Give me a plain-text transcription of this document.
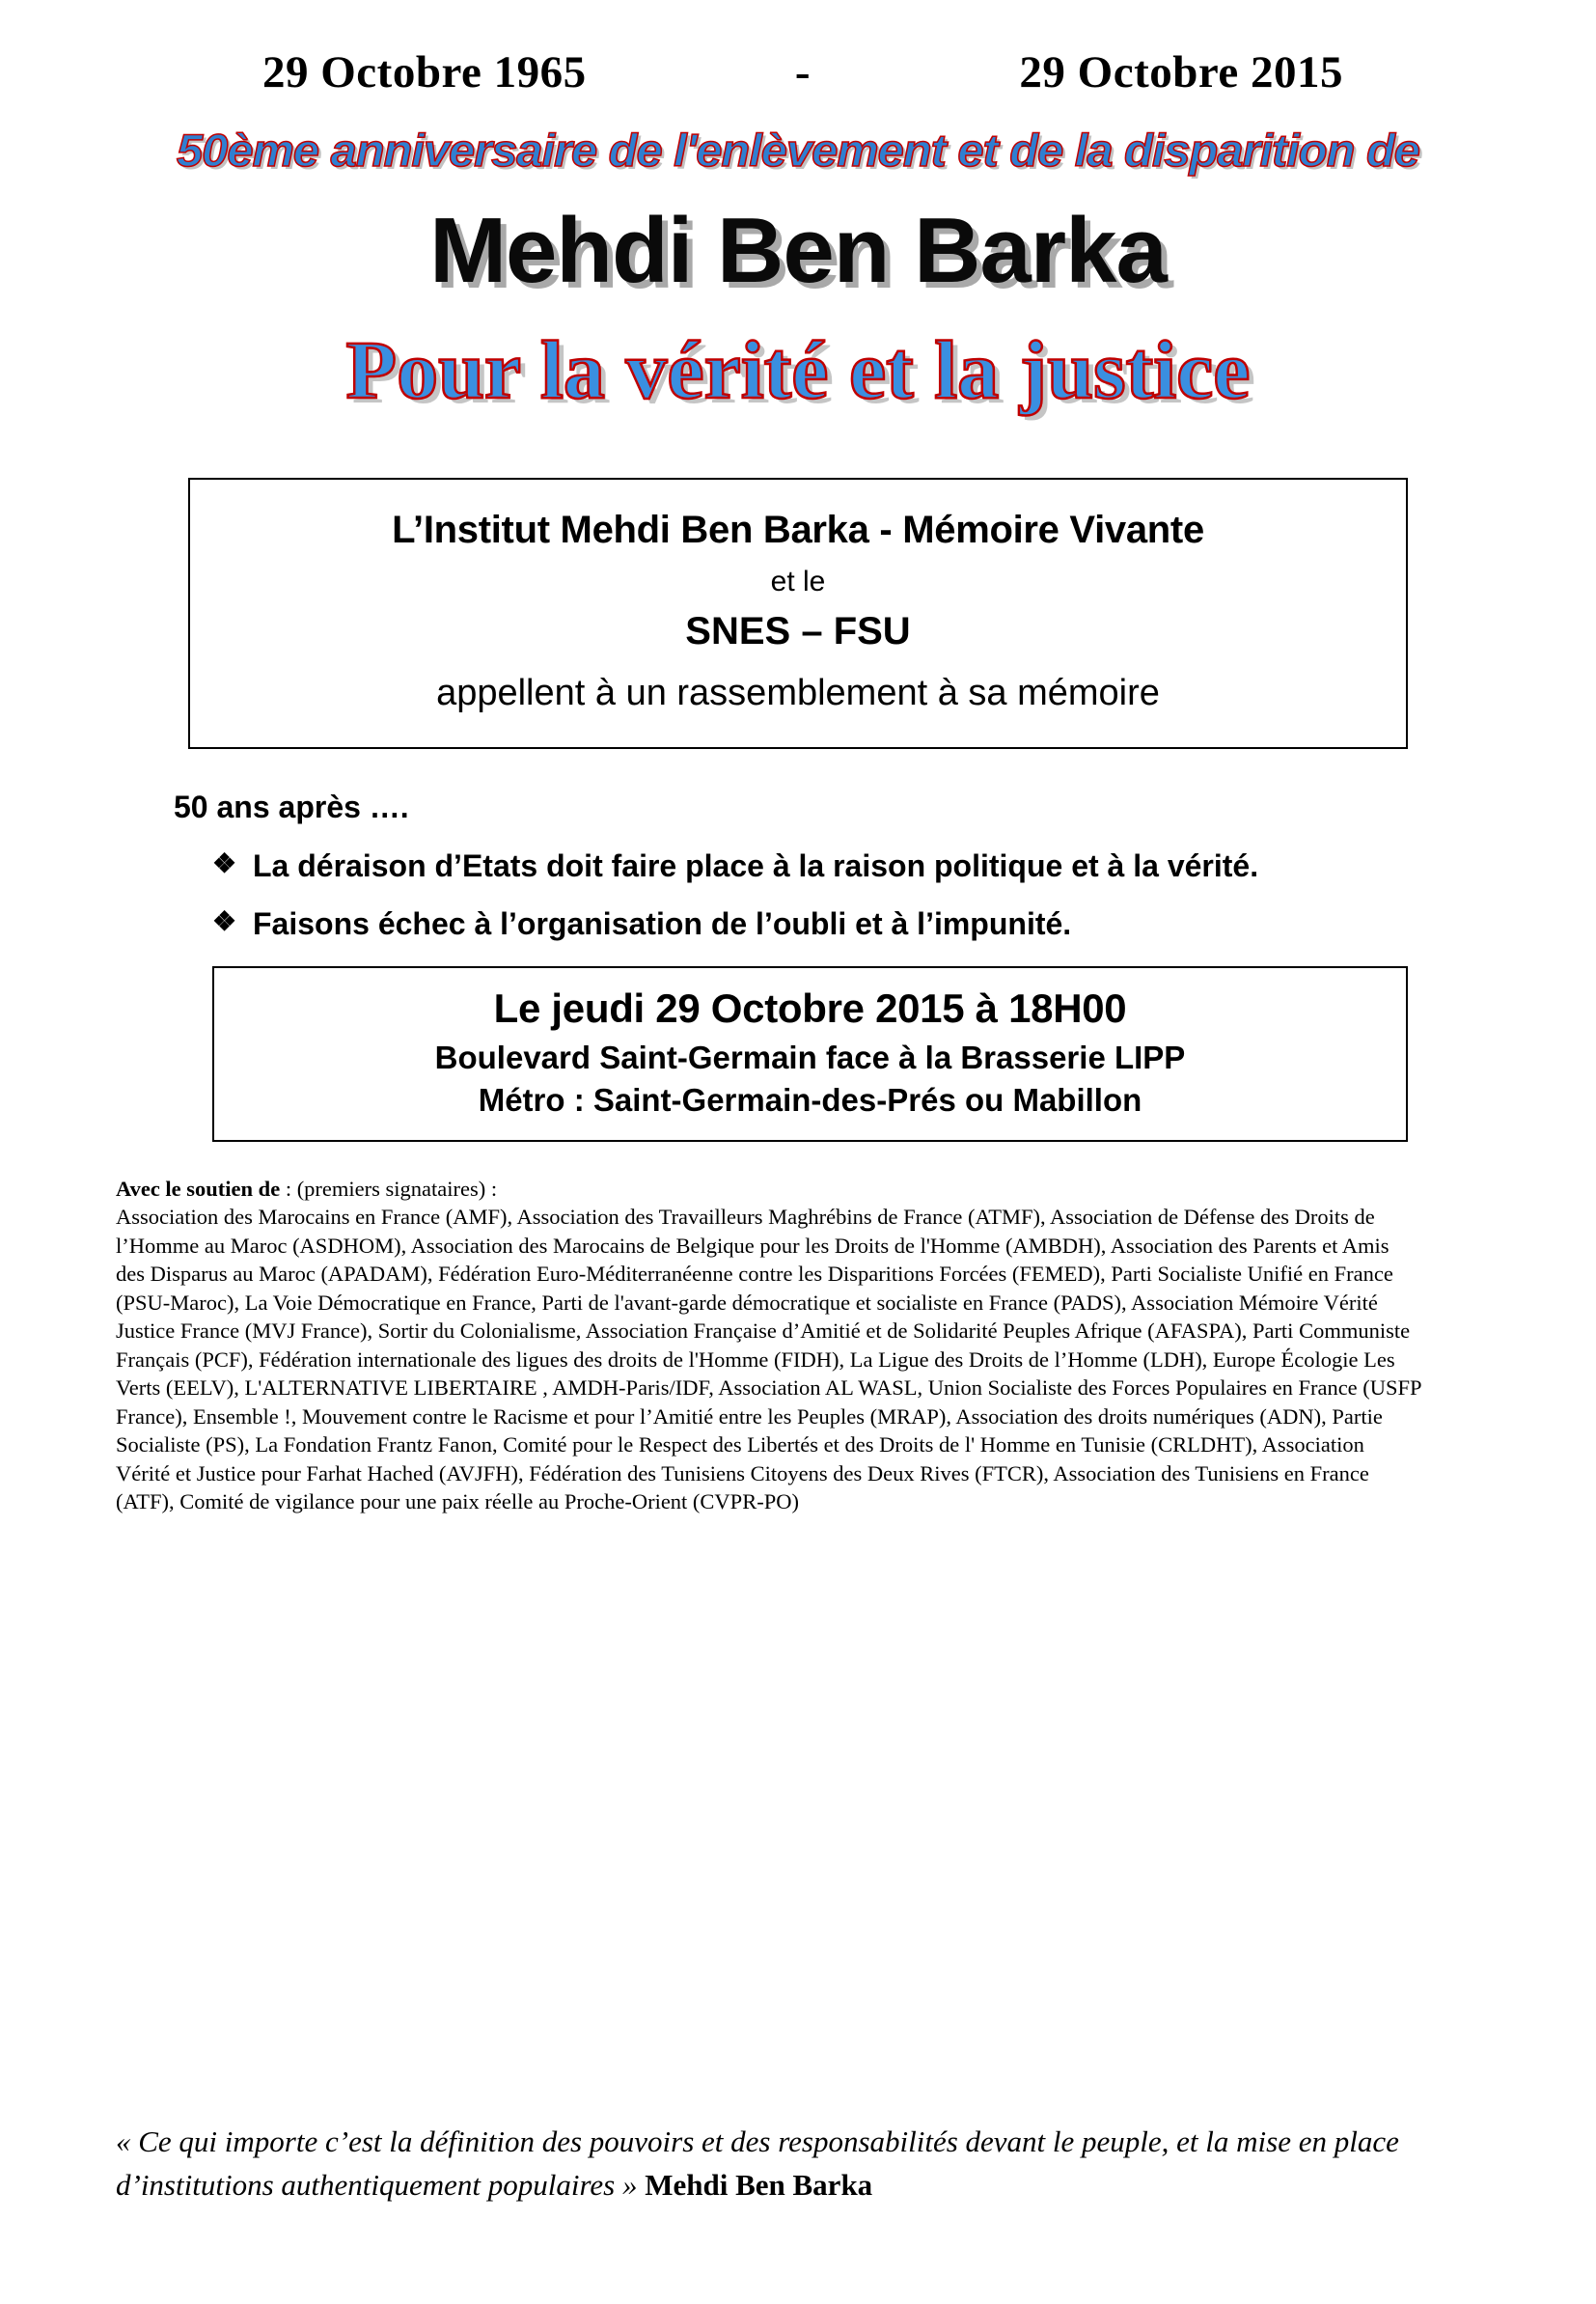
29 Octobre 1965	-	29 Octobre 2015
50ème anniversaire de l'enlèvement et de la disparition de
Mehdi Ben Barka
Pour la vérité et la justice
L’Institut Mehdi Ben Barka - Mémoire Vivante
et le
SNES – FSU
appellent à un rassemblement à sa mémoire
50 ans après ….
❖ La déraison d’Etats doit faire place à la raison politique et à la vérité.
❖ Faisons échec à l’organisation de l’oubli et à l’impunité.
Le jeudi 29 Octobre 2015 à 18H00
Boulevard Saint-Germain face à la Brasserie LIPP
Métro : Saint-Germain-des-Prés ou Mabillon
Avec le soutien de : (premiers signataires) :
Association des Marocains en France (AMF), Association des Travailleurs Maghrébins de France (ATMF), Association de Défense des Droits de l’Homme au Maroc (ASDHOM), Association des Marocains de Belgique pour les Droits de l'Homme (AMBDH), Association des Parents et Amis des Disparus au Maroc (APADAM), Fédération Euro-Méditerranéenne contre les Disparitions Forcées (FEMED), Parti Socialiste Unifié en France (PSU-Maroc), La Voie Démocratique en France, Parti de l'avant-garde démocratique et socialiste en France (PADS), Association Mémoire Vérité Justice France (MVJ France), Sortir du Colonialisme, Association Française d’Amitié et de Solidarité Peuples Afrique (AFASPA), Parti Communiste Français (PCF), Fédération internationale des ligues des droits de l'Homme (FIDH), La Ligue des Droits de l’Homme (LDH), Europe Écologie Les Verts (EELV), L'ALTERNATIVE LIBERTAIRE , AMDH-Paris/IDF, Association AL WASL, Union Socialiste des Forces Populaires en France (USFP France), Ensemble !, Mouvement contre le Racisme et pour l’Amitié entre les Peuples (MRAP), Association des droits numériques (ADN), Partie Socialiste (PS), La Fondation Frantz Fanon, Comité pour le Respect des Libertés et des Droits de l' Homme en Tunisie (CRLDHT), Association Vérité et Justice pour Farhat Hached (AVJFH), Fédération des Tunisiens Citoyens des Deux Rives (FTCR), Association des Tunisiens en France (ATF), Comité de vigilance pour une paix réelle au Proche-Orient (CVPR-PO)
« Ce qui importe c’est la définition des pouvoirs et des responsabilités devant le peuple, et la mise en place d’institutions authentiquement populaires » Mehdi Ben Barka
